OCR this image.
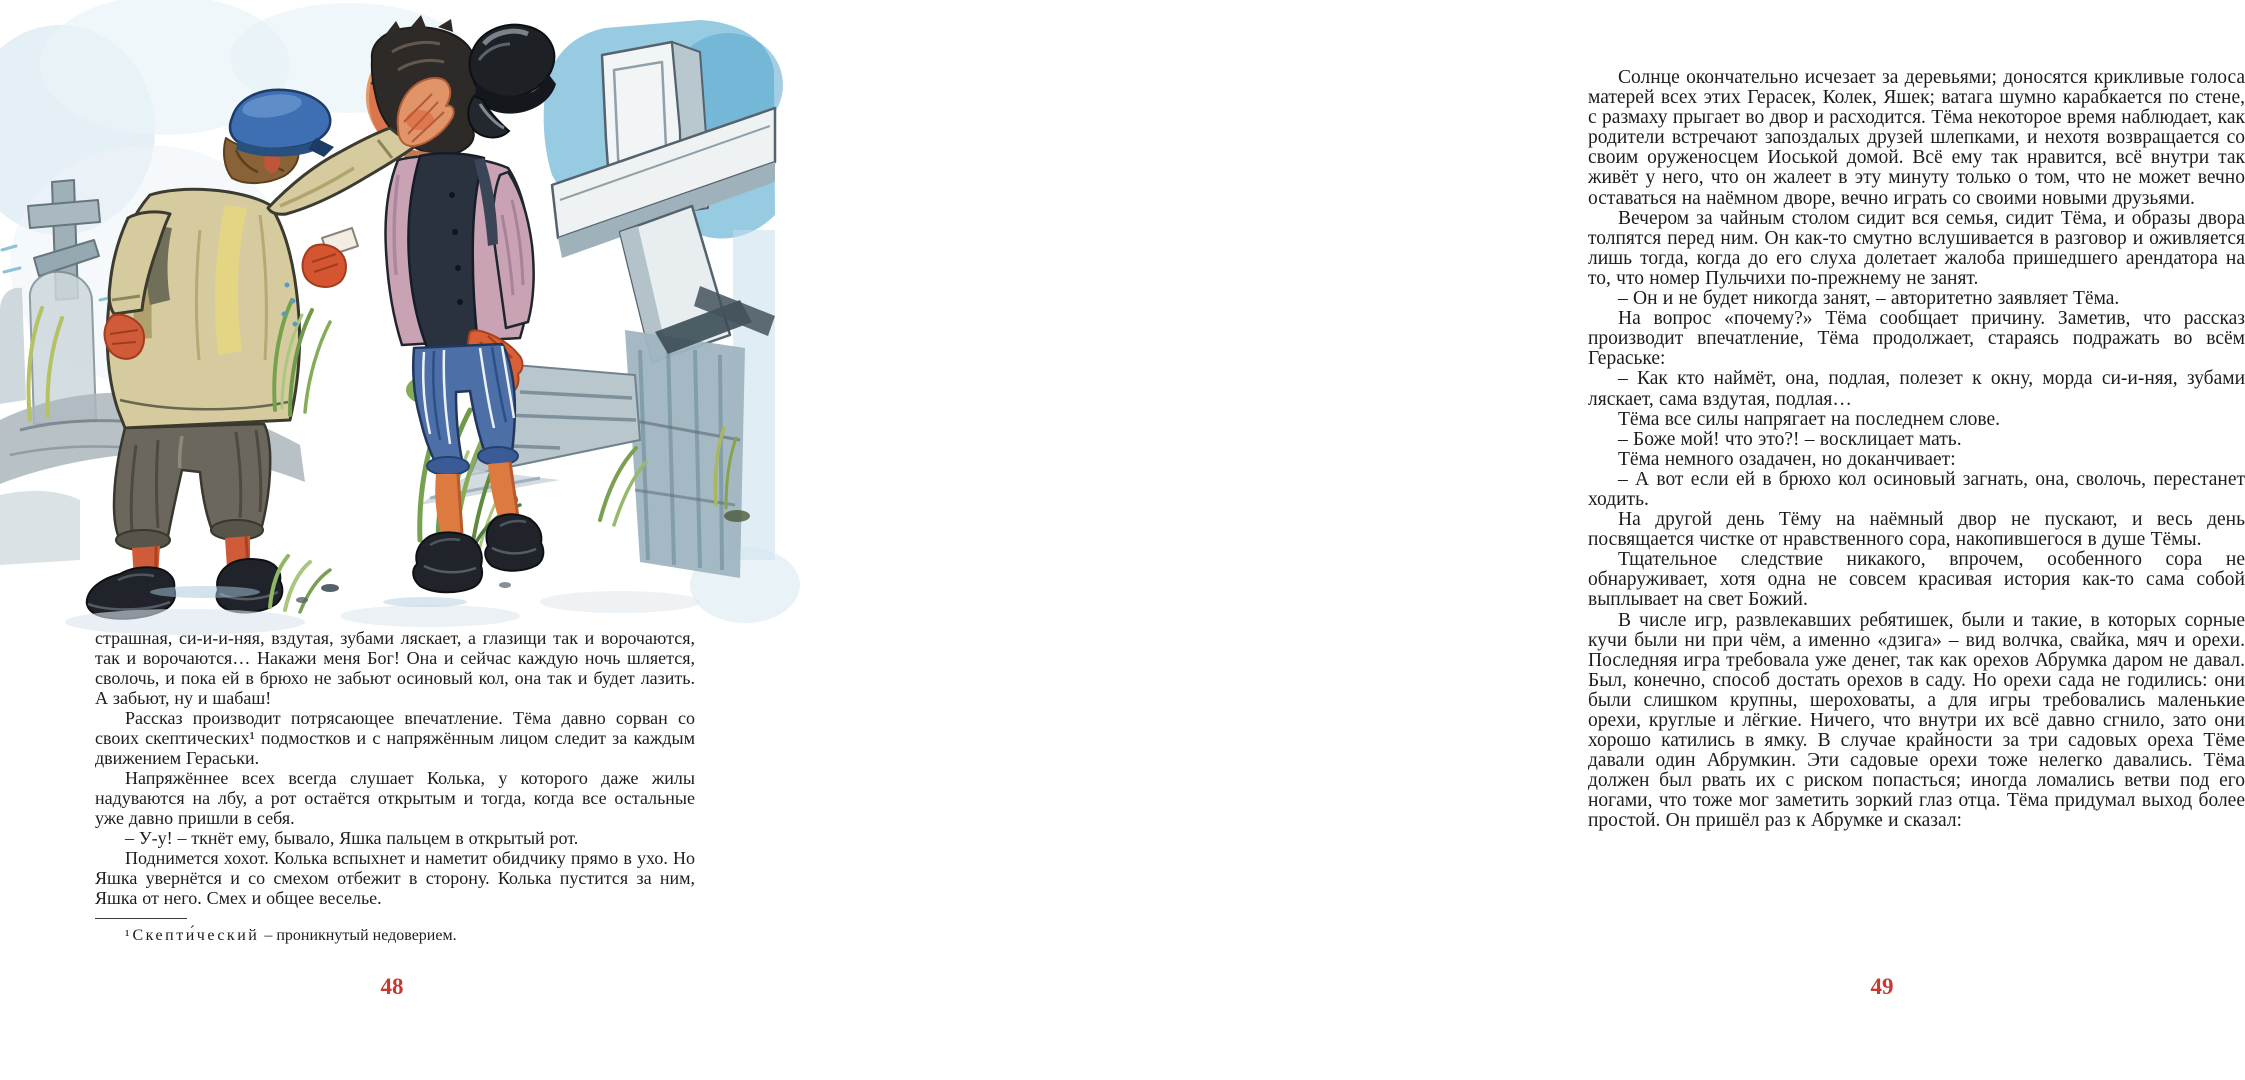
страшная, си-и-и-няя, вздутая, зубами ляскает, а глазищи так и ворочаются, так и ворочаются… Накажи меня Бог! Она и сейчас каждую ночь шляется, сволочь, и пока ей в брюхо не забьют осиновый кол, она так и будет лазить. А забьют, ну и шабаш!

Рассказ производит потрясающее впечатление. Тёма давно сорван со своих скептических¹ подмостков и с напряжённым лицом следит за каждым движением Гераськи.

Напряжённее всех всегда слушает Колька, у которого даже жилы надуваются на лбу, а рот остаётся открытым и тогда, когда все остальные уже давно пришли в себя.

– У-у! – ткнёт ему, бывало, Яшка пальцем в открытый рот.

Поднимется хохот. Колька вспыхнет и наметит обидчику прямо в ухо. Но Яшка увернётся и со смехом отбежит в сторону. Колька пустится за ним, Яшка от него. Смех и общее веселье.

¹ Скепти́ческий – проникнутый недоверием.
48

Солнце окончательно исчезает за деревьями; доносятся крикливые голоса матерей всех этих Герасек, Колек, Яшек; ватага шумно карабкается по стене, с размаху прыгает во двор и расходится. Тёма некоторое время наблюдает, как родители встречают запоздалых друзей шлепками, и нехотя возвращается со своим оруженосцем Иоськой домой. Всё ему так нравится, всё внутри так живёт у него, что он жалеет в эту минуту только о том, что не может вечно оставаться на наёмном дворе, вечно играть со своими новыми друзьями.

Вечером за чайным столом сидит вся семья, сидит Тёма, и образы двора толпятся перед ним. Он как-то смутно вслушивается в разговор и оживляется лишь тогда, когда до его слуха долетает жалоба пришедшего арендатора на то, что номер Пульчихи по-прежнему не занят.

– Он и не будет никогда занят, – авторитетно заявляет Тёма.

На вопрос «почему?» Тёма сообщает причину. Заметив, что рассказ производит впечатление, Тёма продолжает, стараясь подражать во всём Гераське:

– Как кто наймёт, она, подлая, полезет к окну, морда си-и-няя, зубами ляскает, сама вздутая, подлая…

Тёма все силы напрягает на последнем слове.

– Боже мой! что это?! – восклицает мать.

Тёма немного озадачен, но доканчивает:

– А вот если ей в брюхо кол осиновый загнать, она, сволочь, перестанет ходить.

На другой день Тёму на наёмный двор не пускают, и весь день посвящается чистке от нравственного сора, накопившегося в душе Тёмы.

Тщательное следствие никакого, впрочем, особенного сора не обнаруживает, хотя одна не совсем красивая история как-то сама собой выплывает на свет Божий.

В числе игр, развлекавших ребятишек, были и такие, в которых сорные кучи были ни при чём, а именно «дзига» – вид волчка, свайка, мяч и орехи. Последняя игра требовала уже денег, так как орехов Абрумка даром не давал. Был, конечно, способ достать орехов в саду. Но орехи сада не годились: они были слишком крупны, шероховаты, а для игры требовались маленькие орехи, круглые и лёгкие. Ничего, что внутри их всё давно сгнило, зато они хорошо катились в ямку. В случае крайности за три садовых ореха Тёме давали один Абрумкин. Эти садовые орехи тоже нелегко давались. Тёма должен был рвать их с риском попасться; иногда ломались ветви под его ногами, что тоже мог заметить зоркий глаз отца. Тёма придумал выход более простой. Он пришёл раз к Абрумке и сказал:

49
